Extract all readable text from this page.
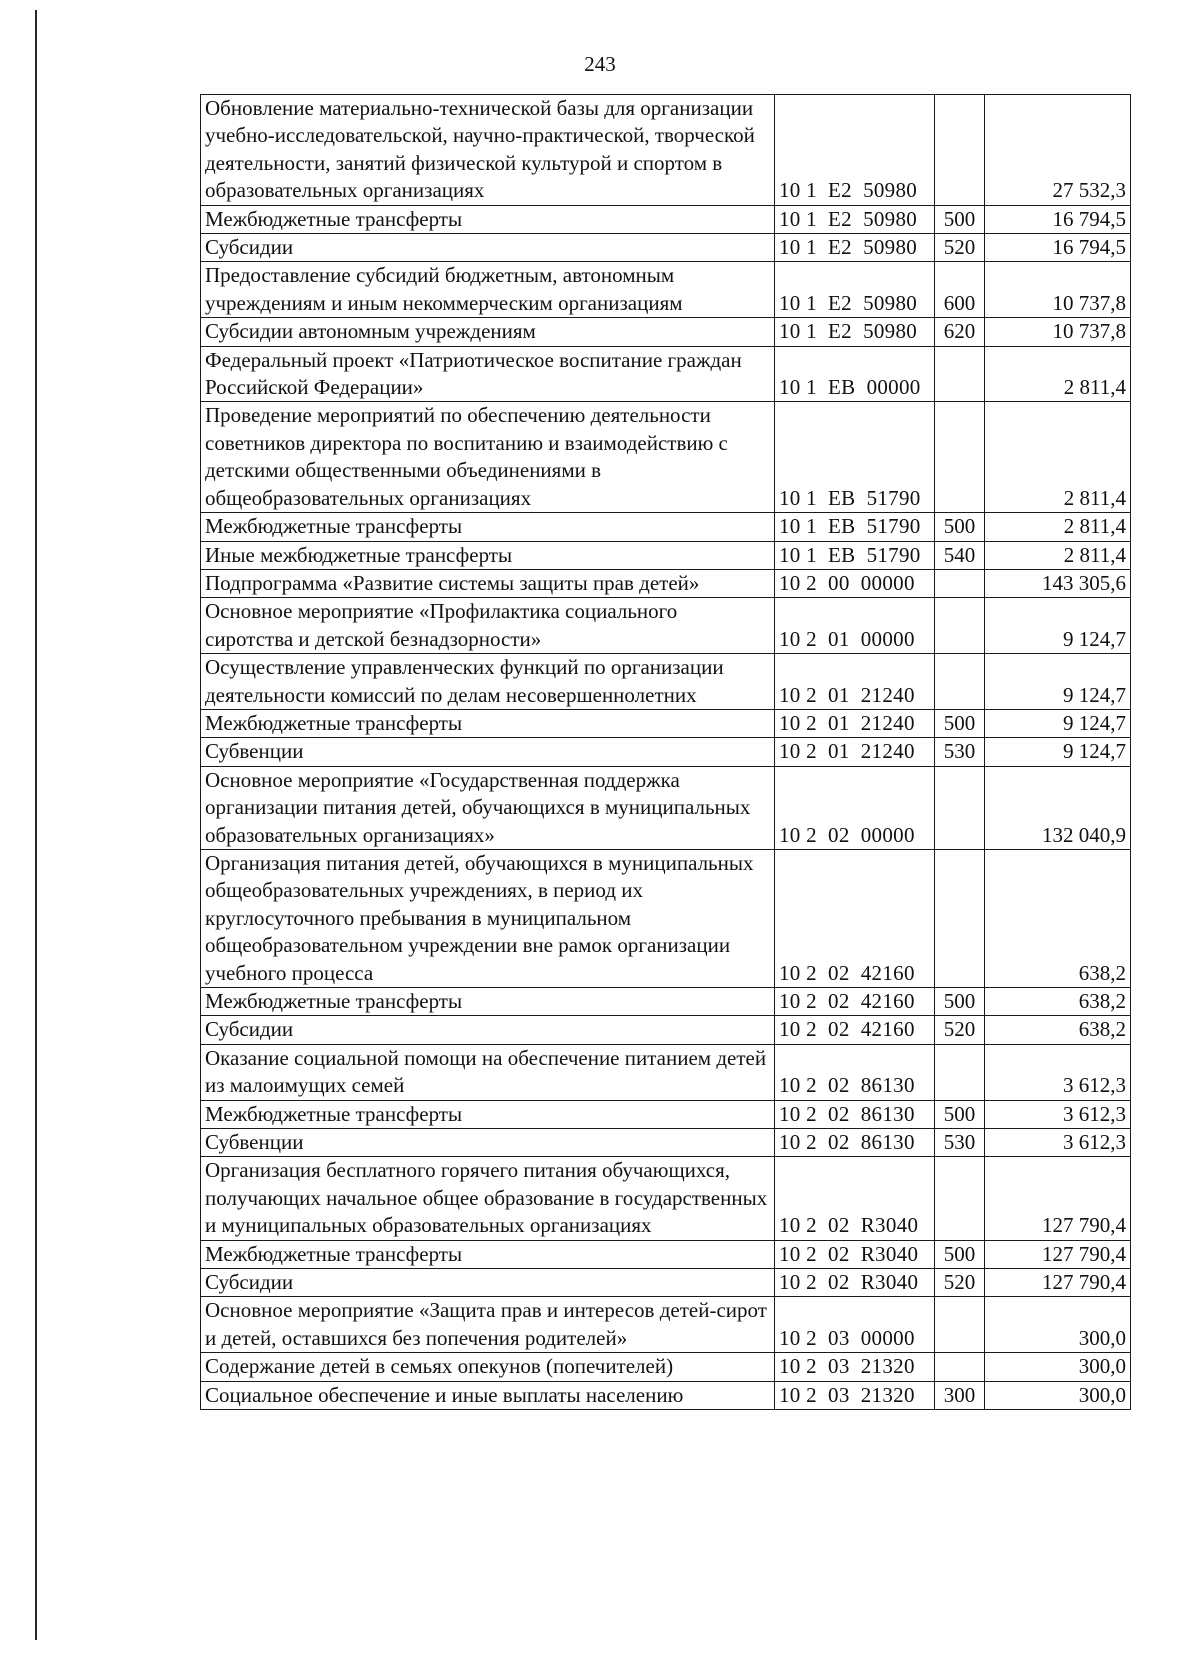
243
Обновление материально-технической базы для организации учебно-исследовательской, научно-практической, творческой деятельности, занятий физической культурой и спортом в образовательных организациях	10 1  Е2  50980		27 532,3
Межбюджетные трансферты	10 1  Е2  50980	500	16 794,5
Субсидии	10 1  Е2  50980	520	16 794,5
Предоставление субсидий бюджетным, автономным учреждениям и иным некоммерческим организациям	10 1  Е2  50980	600	10 737,8
Субсидии автономным учреждениям	10 1  Е2  50980	620	10 737,8
Федеральный проект «Патриотическое воспитание граждан Российской Федерации»	10 1  ЕВ  00000		2 811,4
Проведение мероприятий по обеспечению деятельности советников директора по воспитанию и взаимодействию с детскими общественными объединениями в общеобразовательных организациях	10 1  ЕВ  51790		2 811,4
Межбюджетные трансферты	10 1  ЕВ  51790	500	2 811,4
Иные межбюджетные трансферты	10 1  ЕВ  51790	540	2 811,4
Подпрограмма «Развитие системы защиты прав детей»	10 2  00  00000		143 305,6
Основное мероприятие «Профилактика социального сиротства и детской безнадзорности»	10 2  01  00000		9 124,7
Осуществление управленческих функций по организации деятельности комиссий по делам несовершеннолетних	10 2  01  21240		9 124,7
Межбюджетные трансферты	10 2  01  21240	500	9 124,7
Субвенции	10 2  01  21240	530	9 124,7
Основное мероприятие «Государственная поддержка организации питания детей, обучающихся в муниципальных образовательных организациях»	10 2  02  00000		132 040,9
Организация питания детей, обучающихся в муниципальных общеобразовательных учреждениях, в период их круглосуточного пребывания в муниципальном общеобразовательном учреждении вне рамок организации учебного процесса	10 2  02  42160		638,2
Межбюджетные трансферты	10 2  02  42160	500	638,2
Субсидии	10 2  02  42160	520	638,2
Оказание социальной помощи на обеспечение питанием детей из малоимущих семей	10 2  02  86130		3 612,3
Межбюджетные трансферты	10 2  02  86130	500	3 612,3
Субвенции	10 2  02  86130	530	3 612,3
Организация бесплатного горячего питания обучающихся, получающих начальное общее образование в государственных и муниципальных образовательных организациях	10 2  02  R3040		127 790,4
Межбюджетные трансферты	10 2  02  R3040	500	127 790,4
Субсидии	10 2  02  R3040	520	127 790,4
Основное мероприятие «Защита прав и интересов детей-сирот и детей, оставшихся без попечения родителей»	10 2  03  00000		300,0
Содержание детей в семьях опекунов (попечителей)	10 2  03  21320		300,0
Социальное обеспечение и иные выплаты населению	10 2  03  21320	300	300,0
